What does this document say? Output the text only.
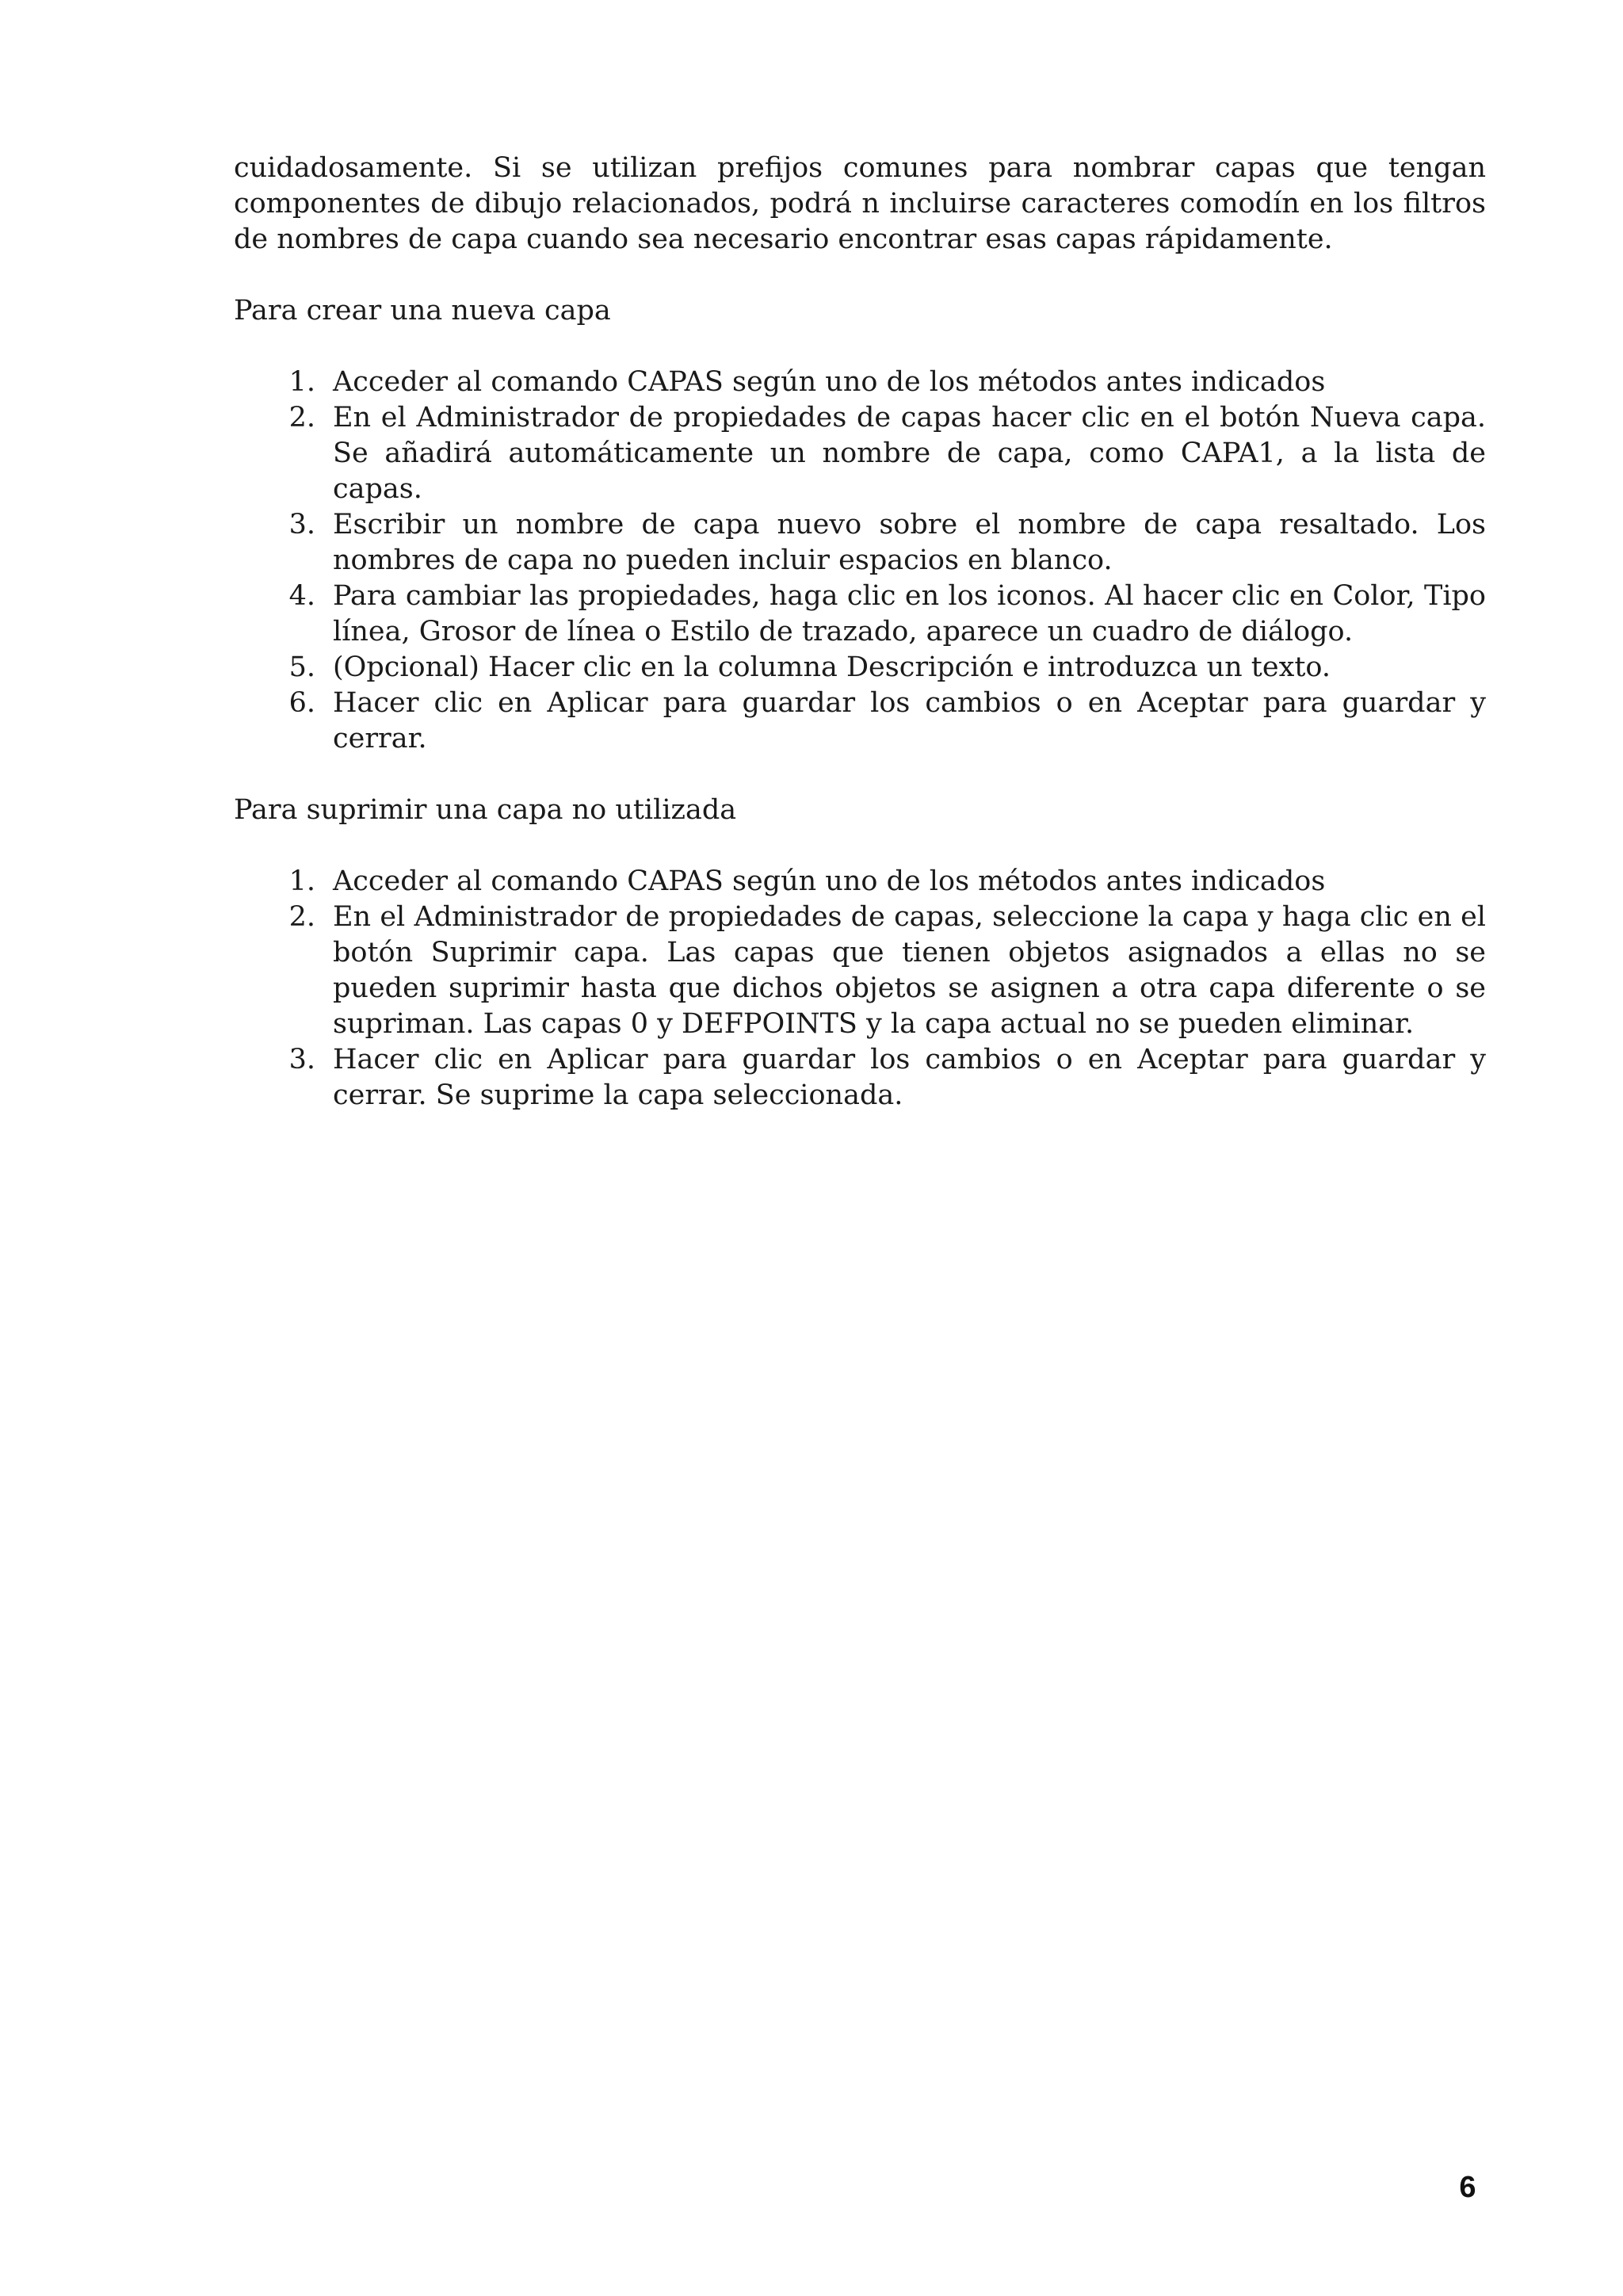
cuidadosamente. Si se utilizan prefijos comunes para nombrar capas que tengan componentes de dibujo relacionados, podrá n incluirse caracteres comodín en los filtros de nombres de capa cuando sea necesario encontrar esas capas rápidamente.

Para crear una nueva capa

1. Acceder al comando CAPAS según uno de los métodos antes indicados
2. En el Administrador de propiedades de capas hacer clic en el botón Nueva capa. Se añadirá automáticamente un nombre de capa, como CAPA1, a la lista de capas.
3. Escribir un nombre de capa nuevo sobre el nombre de capa resaltado. Los nombres de capa no pueden incluir espacios en blanco.
4. Para cambiar las propiedades, haga clic en los iconos. Al hacer clic en Color, Tipo línea, Grosor de línea o Estilo de trazado, aparece un cuadro de diálogo.
5. (Opcional) Hacer clic en la columna Descripción e introduzca un texto.
6. Hacer clic en Aplicar para guardar los cambios o en Aceptar para guardar y cerrar.

Para suprimir una capa no utilizada

1. Acceder al comando CAPAS según uno de los métodos antes indicados
2. En el Administrador de propiedades de capas, seleccione la capa y haga clic en el botón Suprimir capa. Las capas que tienen objetos asignados a ellas no se pueden suprimir hasta que dichos objetos se asignen a otra capa diferente o se supriman. Las capas 0 y DEFPOINTS y la capa actual no se pueden eliminar.
3. Hacer clic en Aplicar para guardar los cambios o en Aceptar para guardar y cerrar. Se suprime la capa seleccionada.
6
